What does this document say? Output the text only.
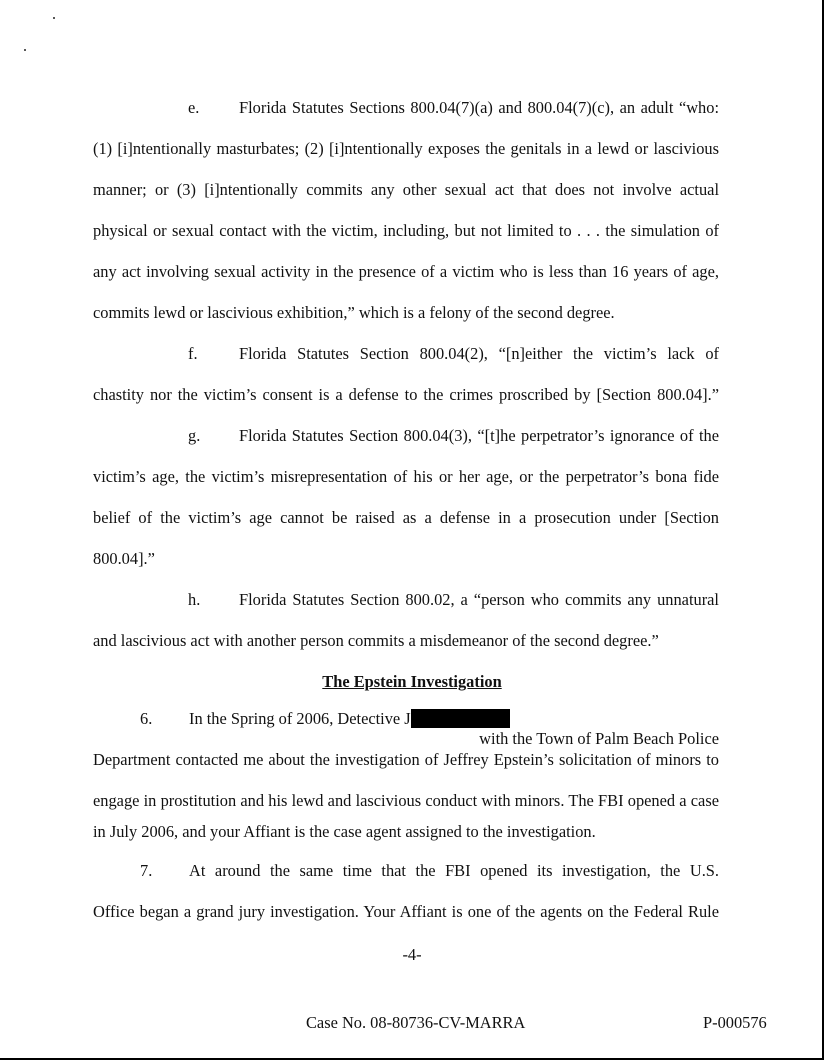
e. Florida Statutes Sections 800.04(7)(a) and 800.04(7)(c), an adult “who:
(1) [i]ntentionally masturbates; (2) [i]ntentionally exposes the genitals in a lewd or lascivious
manner; or (3) [i]ntentionally commits any other sexual act that does not involve actual
physical or sexual contact with the victim, including, but not limited to . . . the simulation of
any act involving sexual activity in the presence of a victim who is less than 16 years of age,
commits lewd or lascivious exhibition,” which is a felony of the second degree.
f.	Florida Statutes Section 800.04(2), “[n]either the victim’s lack of
chastity nor the victim’s consent is a defense to the crimes proscribed by [Section 800.04].”
g. Florida Statutes Section 800.04(3), “[t]he perpetrator’s ignorance of the
victim’s age, the victim’s misrepresentation of his or her age, or the perpetrator’s bona fide
belief of the victim’s age cannot be raised as a defense in a prosecution under [Section
800.04].”
h. Florida Statutes Section 800.02, a “person who commits any unnatural
and lascivious act with another person commits a misdemeanor of the second degree.”
The Epstein Investigation
6. In the Spring of 2006, Detective J
with the Town of Palm Beach Police
Department contacted me about the investigation of Jeffrey Epstein’s solicitation of minors to
engage in prostitution and his lewd and lascivious conduct with minors. The FBI opened a case
in July 2006, and your Affiant is the case agent assigned to the investigation.
7. At around the same time that the FBI opened its investigation, the U.S.
Office began a grand jury investigation. Your Affiant is one of the agents on the Federal Rule
-4-
Case No. 08-80736-CV-MARRA	P-000576
